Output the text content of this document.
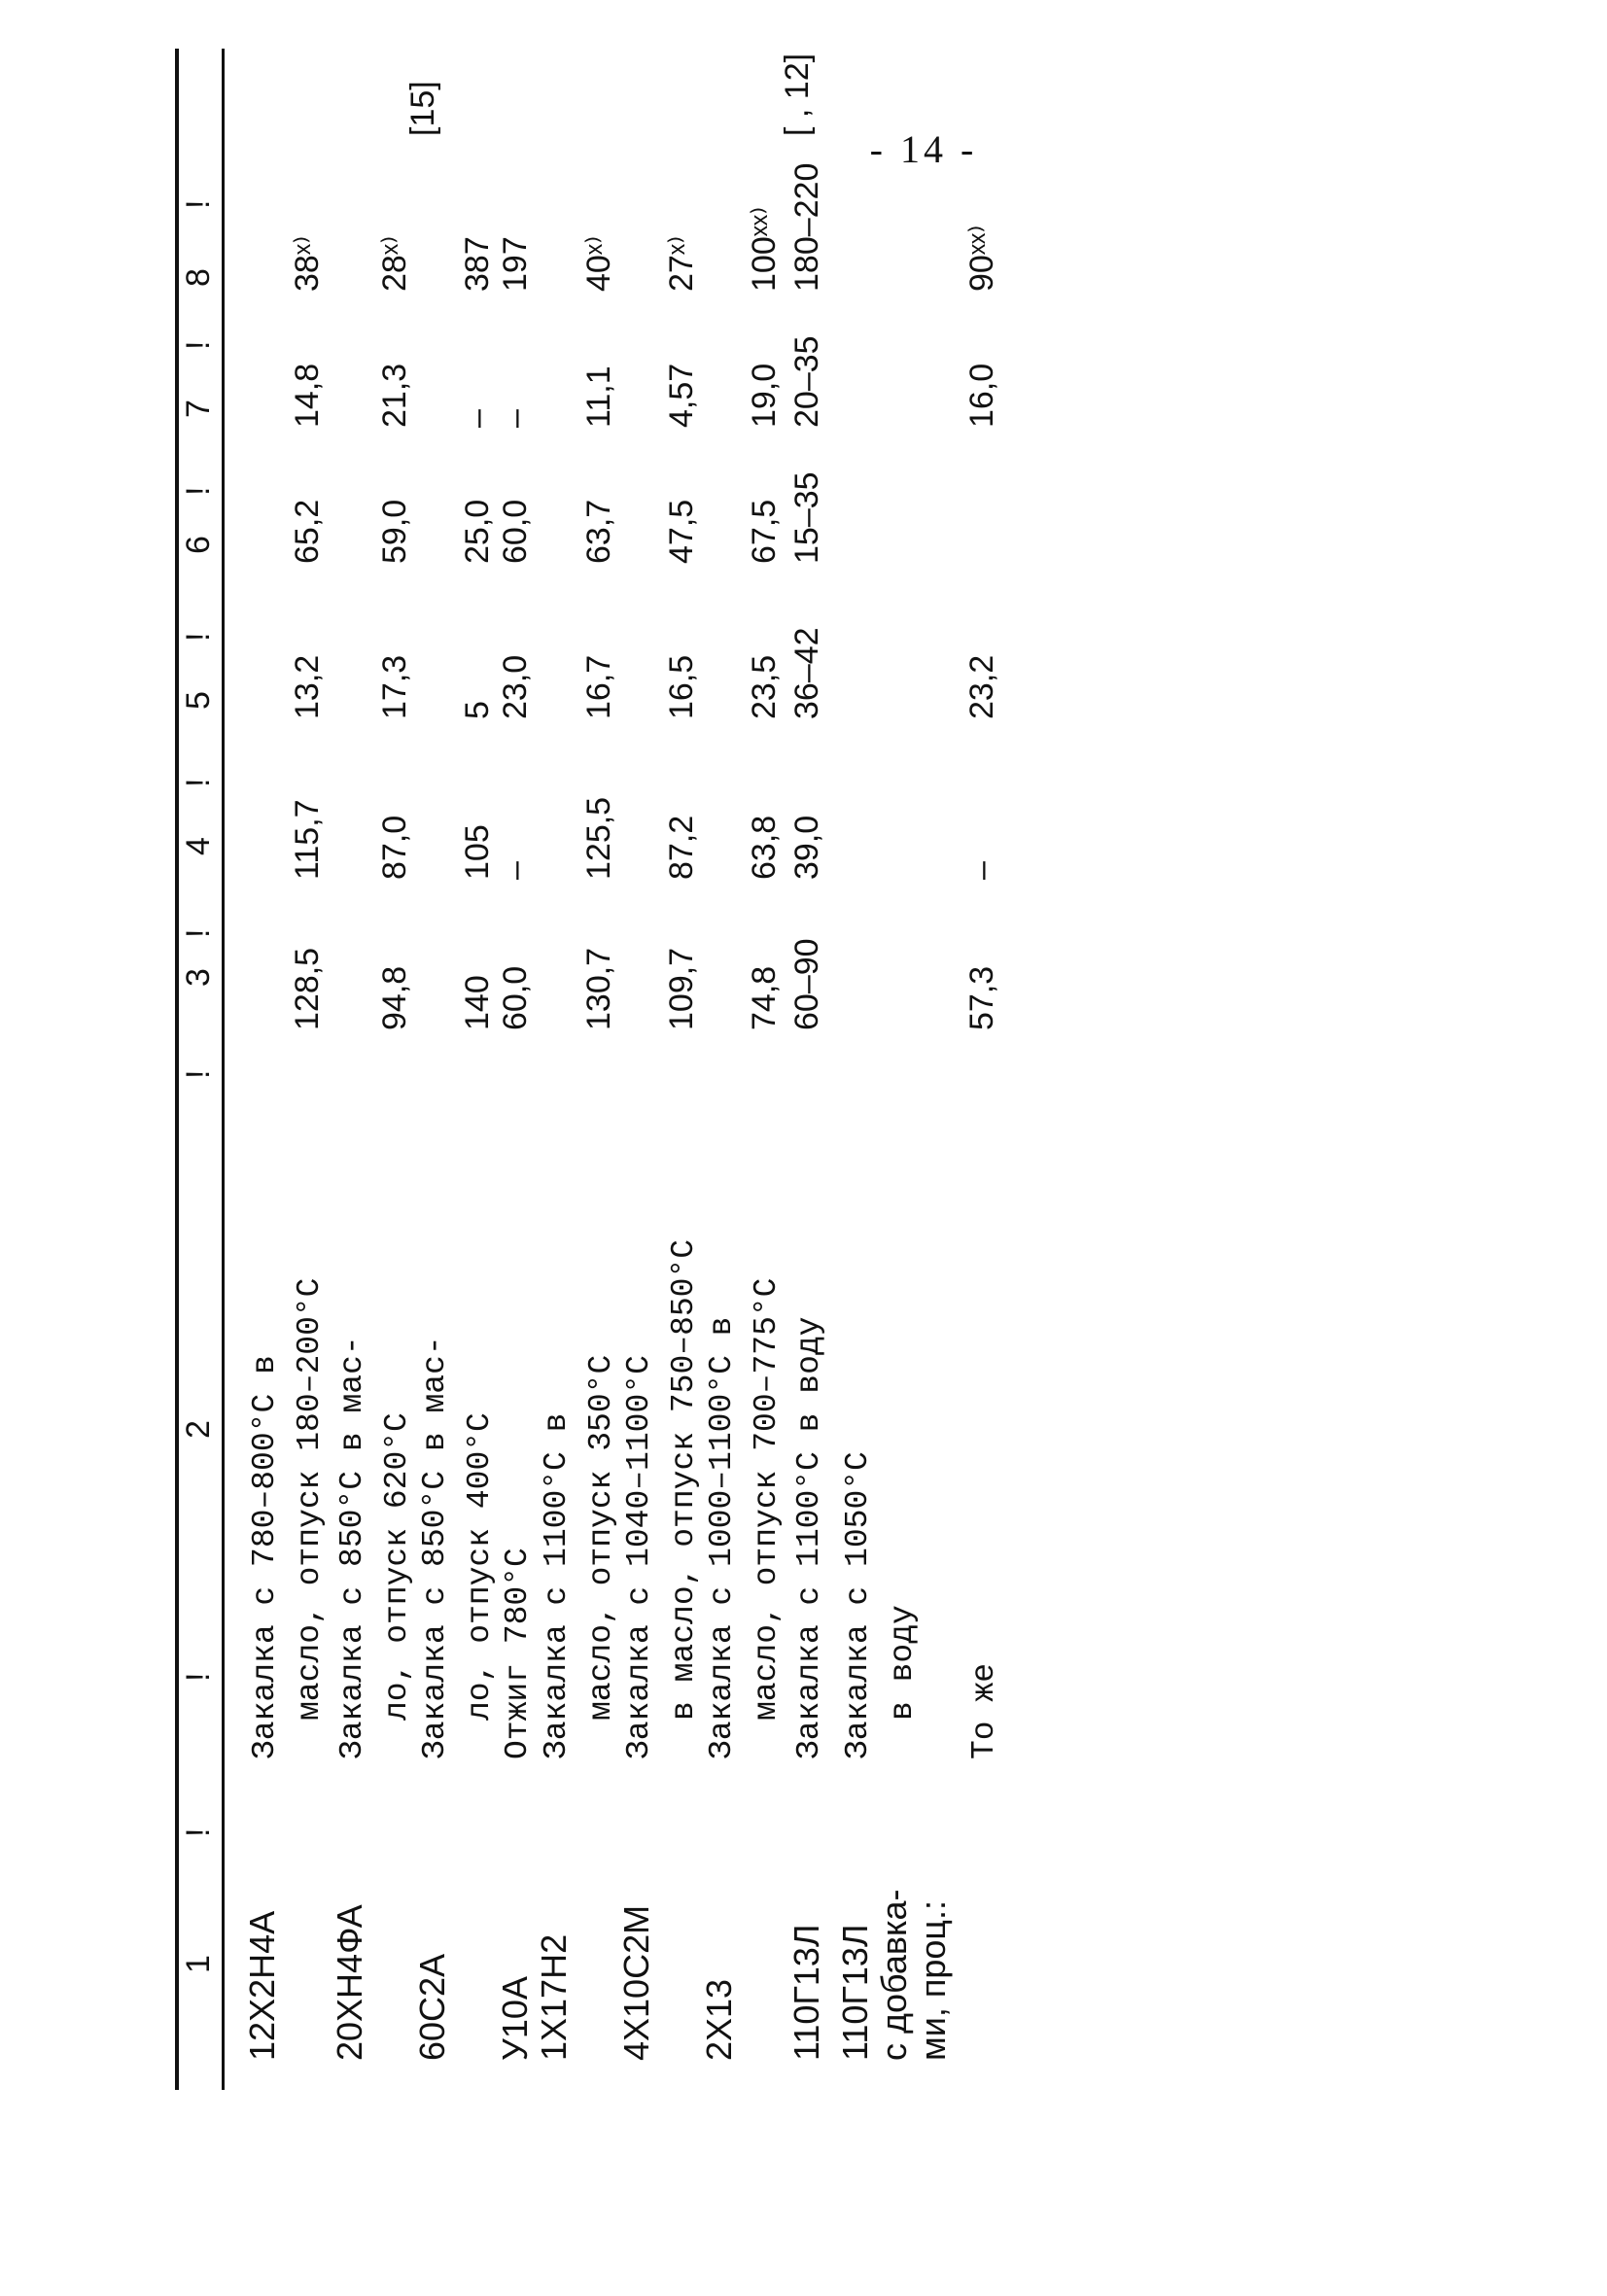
- 14 -
1
!
!
2
!
3
!
4
!
5
!
6
!
7
!
8
!
12Х2Н4А
Закалка с 780–800°С в масло, отпуск 180–200°С
128,5
115,7
13,2
65,2
14,8
38ˣ⁾
20ХН4ФА
Закалка с 850°С в мас- ло, отпуск 620°С
94,8
87,0
17,3
59,0
21,3
28ˣ⁾
60С2А
Закалка с 850°С в мас- ло, отпуск 400°С
140
105
5
25,0
–
387
[15]
У10А
Отжиг 780°С
60,0
–
23,0
60,0
–
197
1Х17Н2
Закалка с 1100°С в масло, отпуск 350°С
130,7
125,5
16,7
63,7
11,1
40ˣ⁾
4Х10С2М
Закалка с 1040–1100°С в масло, отпуск 750–850°С
109,7
87,2
16,5
47,5
4,57
27ˣ⁾
2Х13
Закалка с 1000–1100°С в масло, отпуск 700–775°С
74,8
63,8
23,5
67,5
19,0
100ˣˣ⁾
110Г13Л
Закалка с 1100°С в воду
60–90
39,0
36–42
15–35
20–35
180–220
[ , 12]
110Г13Л с добавка- ми, проц.:
Закалка с 1050°С в воду То же
57,3
–
23,2
16,0
90ˣˣ⁾
